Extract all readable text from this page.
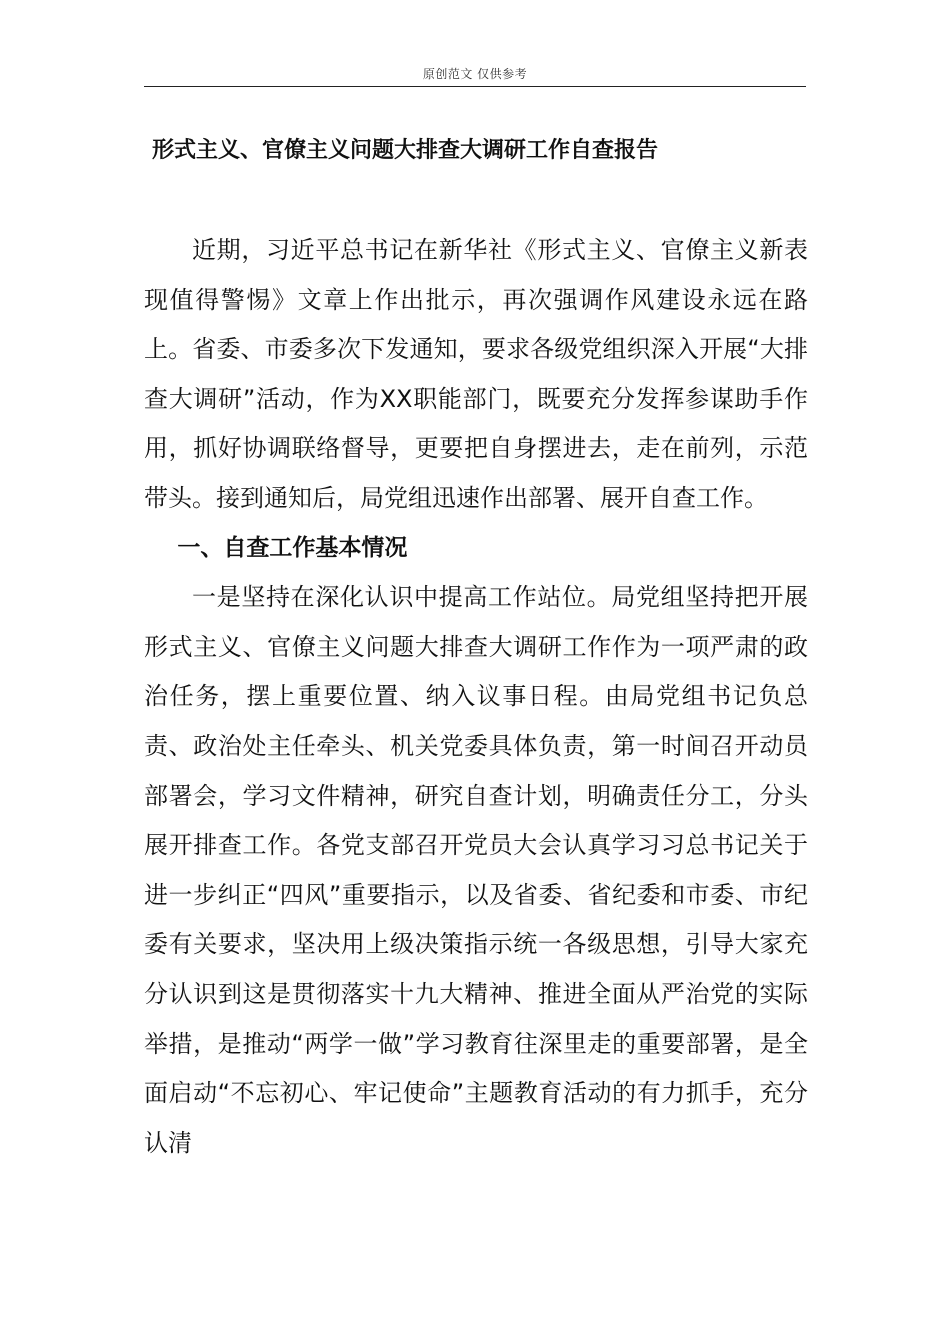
原创范文 仅供参考
形式主义、官僚主义问题大排查大调研工作自查报告

近期，习近平总书记在新华社《形式主义、官僚主义新表现值得警惕》文章上作出批示，再次强调作风建设永远在路上。省委、市委多次下发通知，要求各级党组织深入开展“大排查大调研”活动，作为XX职能部门，既要充分发挥参谋助手作用，抓好协调联络督导，更要把自身摆进去，走在前列，示范带头。接到通知后，局党组迅速作出部署、展开自查工作。

一、自查工作基本情况

一是坚持在深化认识中提高工作站位。局党组坚持把开展形式主义、官僚主义问题大排查大调研工作作为一项严肃的政治任务，摆上重要位置、纳入议事日程。由局党组书记负总责、政治处主任牵头、机关党委具体负责，第一时间召开动员部署会，学习文件精神，研究自查计划，明确责任分工，分头展开排查工作。各党支部召开党员大会认真学习习总书记关于进一步纠正“四风”重要指示，以及省委、省纪委和市委、市纪委有关要求，坚决用上级决策指示统一各级思想，引导大家充分认识到这是贯彻落实十九大精神、推进全面从严治党的实际举措，是推动“两学一做”学习教育往深里走的重要部署，是全面启动“不忘初心、牢记使命”主题教育活动的有力抓手，充分认清
